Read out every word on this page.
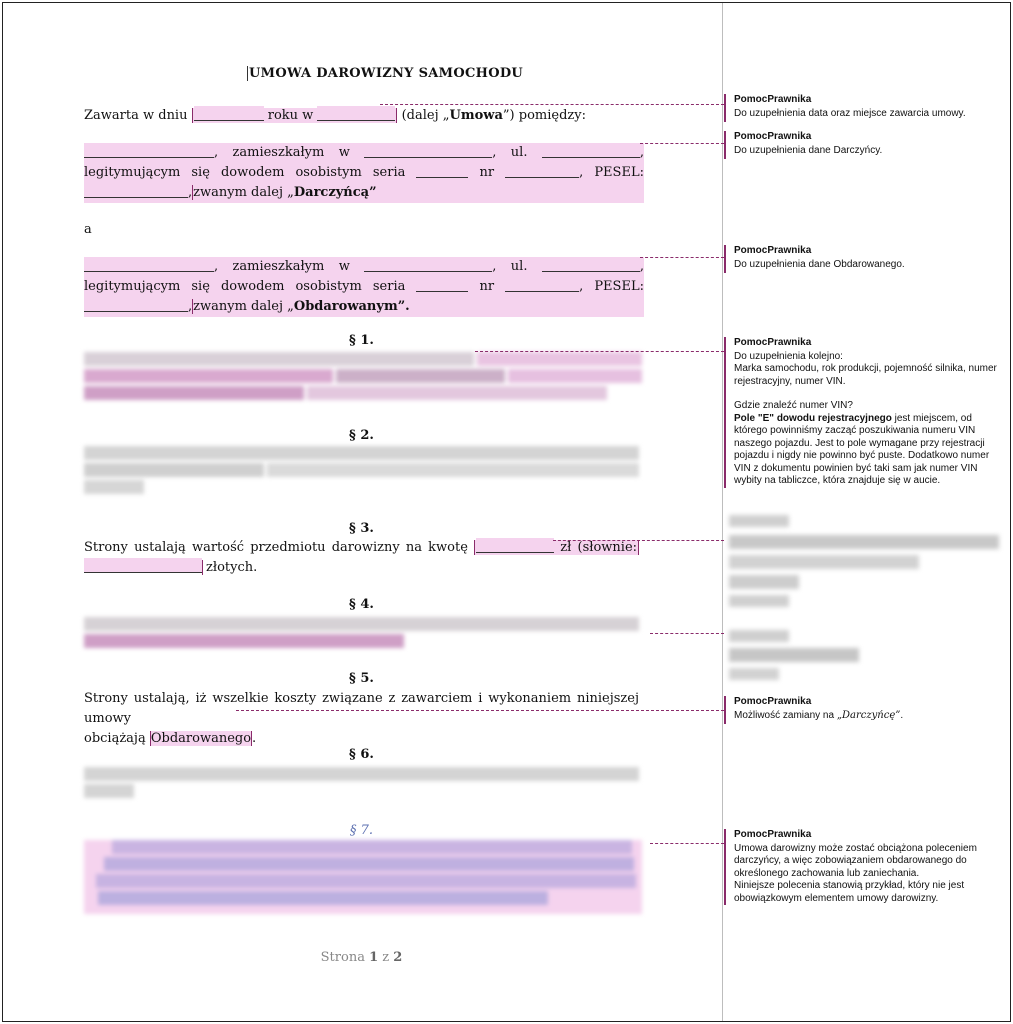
UMOWA DAROWIZNY SAMOCHODU
Zawarta w dniu	roku w	(dalej „Umowa”) pomiędzy:
, zamieszkałym w	, ul.	,
legitymującym się dowodem osobistym seria	nr	, PESEL:
,zwanym dalej „Darczyńcą”
a
, zamieszkałym w	, ul.	,
legitymującym się dowodem osobistym seria	nr	, PESEL:
,zwanym dalej „Obdarowanym”.
§ 1.
§ 2.
§ 3.
Strony ustalają wartość przedmiotu darowizny na kwotę	zł (słownie:
złotych.
§ 4.
§ 5.
Strony ustalają, iż wszelkie koszty związane z zawarciem i wykonaniem niniejszej umowy
obciążają Obdarowanego.
§ 6.
§ 7.
Strona 1 z 2
PomocPrawnika
Do uzupełnienia data oraz miejsce zawarcia umowy.
PomocPrawnika
Do uzupełnienia dane Darczyńcy.
PomocPrawnika
Do uzupełnienia dane Obdarowanego.
PomocPrawnika
Do uzupełnienia kolejno:
Marka samochodu, rok produkcji, pojemność silnika, numer rejestracyjny, numer VIN.
Gdzie znaleźć numer VIN?
Pole "E" dowodu rejestracyjnego jest miejscem, od którego powinniśmy zacząć poszukiwania numeru VIN naszego pojazdu. Jest to pole wymagane przy rejestracji pojazdu i nigdy nie powinno być puste. Dodatkowo numer VIN z dokumentu powinien być taki sam jak numer VIN wybity na tabliczce, która znajduje się w aucie.
PomocPrawnika
Możliwość zamiany na „Darczyńcę”.
PomocPrawnika
Umowa darowizny może zostać obciążona poleceniem darczyńcy, a więc zobowiązaniem obdarowanego do określonego zachowania lub zaniechania.
Niniejsze polecenia stanowią przykład, który nie jest obowiązkowym elementem umowy darowizny.
